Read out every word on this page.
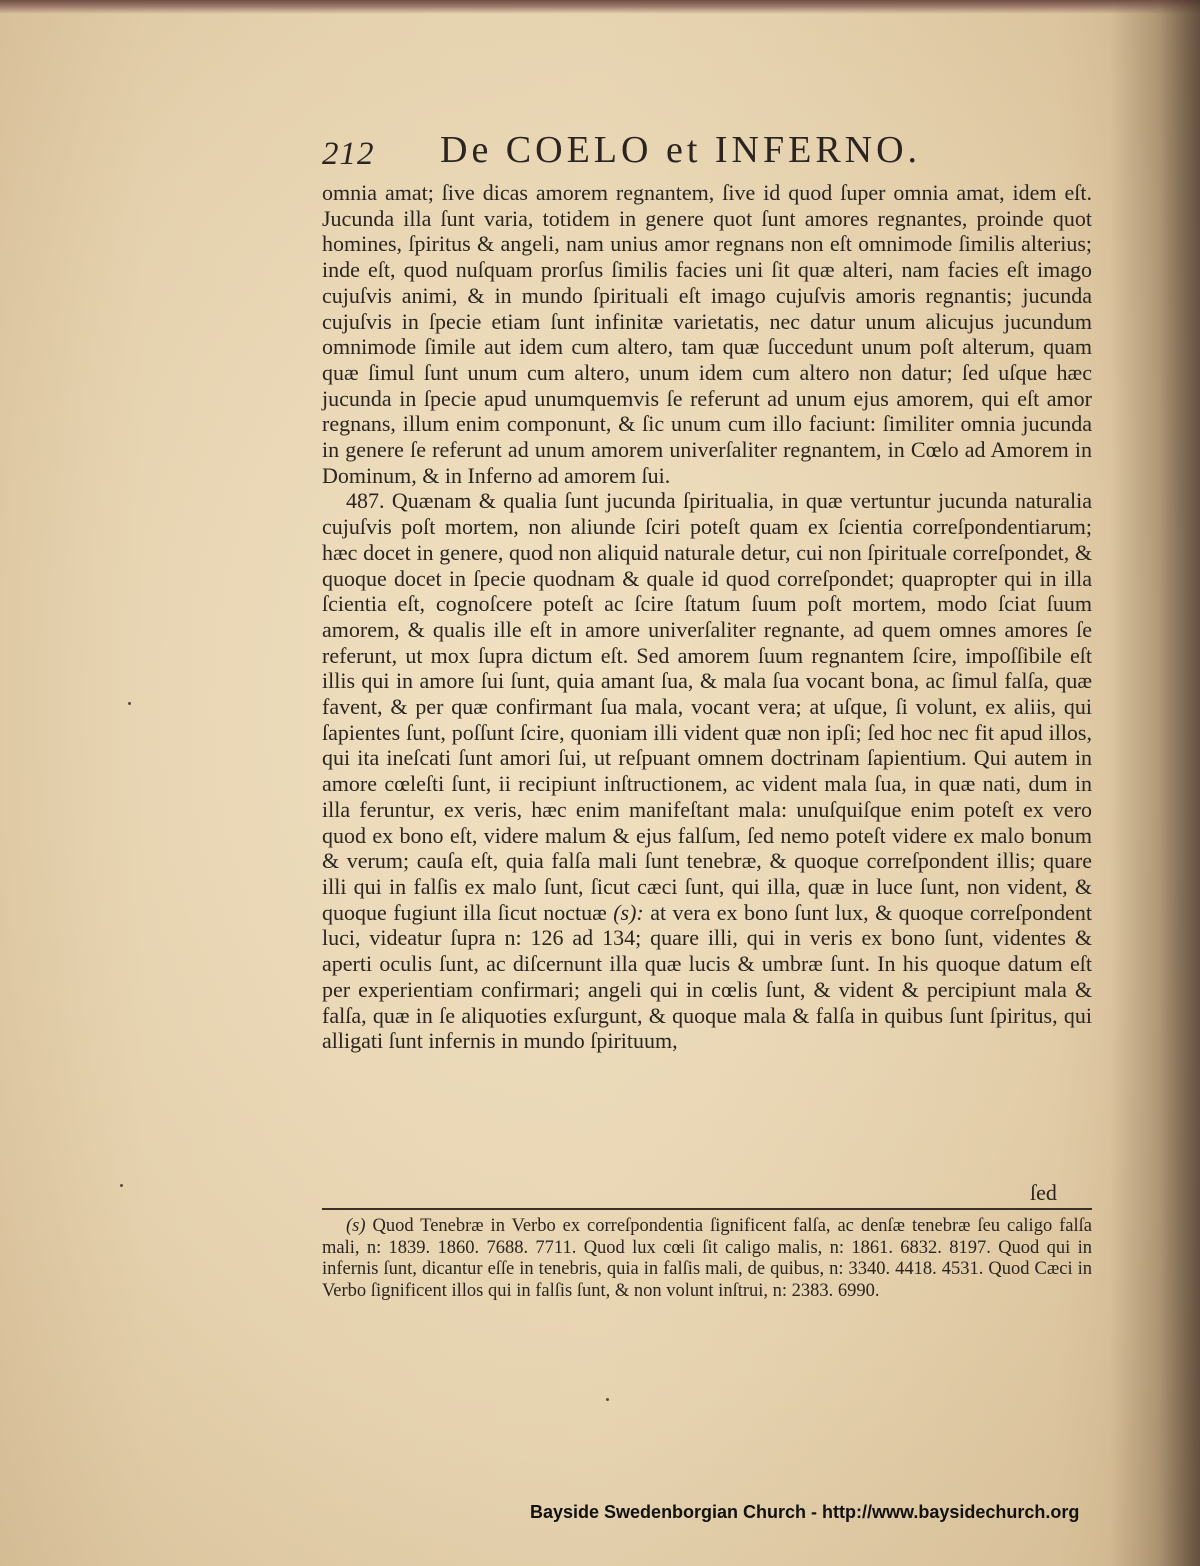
212 De COELO et INFERNO.

omnia amat; ſive dicas amorem regnantem, ſive id quod ſuper omnia amat, idem eſt. Jucunda illa ſunt varia, totidem in genere quot ſunt amores regnantes, proinde quot homines, ſpiritus & angeli, nam unius amor regnans non eſt omnimode ſimilis alterius; inde eſt, quod nuſquam prorſus ſimilis facies uni ſit quæ alteri, nam facies eſt imago cujuſvis animi, & in mundo ſpirituali eſt imago cujuſvis amoris regnantis; jucunda cujuſvis in ſpecie etiam ſunt infinitæ varietatis, nec datur unum alicujus jucundum omnimode ſimile aut idem cum altero, tam quæ ſuccedunt unum poſt alterum, quam quæ ſimul ſunt unum cum altero, unum idem cum altero non datur; ſed uſque hæc jucunda in ſpecie apud unumquemvis ſe referunt ad unum ejus amorem, qui eſt amor regnans, illum enim componunt, & ſic unum cum illo faciunt: ſimiliter omnia jucunda in genere ſe referunt ad unum amorem univerſaliter regnantem, in Cœlo ad Amorem in Dominum, & in Inferno ad amorem ſui.

487. Quænam & qualia ſunt jucunda ſpiritualia, in quæ vertuntur jucunda naturalia cujuſvis poſt mortem, non aliunde ſciri poteſt quam ex ſcientia correſpondentiarum; hæc docet in genere, quod non aliquid naturale detur, cui non ſpirituale correſpondet, & quoque docet in ſpecie quodnam & quale id quod correſpondet; quapropter qui in illa ſcientia eſt, cognoſcere poteſt ac ſcire ſtatum ſuum poſt mortem, modo ſciat ſuum amorem, & qualis ille eſt in amore univerſaliter regnante, ad quem omnes amores ſe referunt, ut mox ſupra dictum eſt. Sed amorem ſuum regnantem ſcire, impoſſibile eſt illis qui in amore ſui ſunt, quia amant ſua, & mala ſua vocant bona, ac ſimul falſa, quæ favent, & per quæ confirmant ſua mala, vocant vera; at uſque, ſi volunt, ex aliis, qui ſapientes ſunt, poſſunt ſcire, quoniam illi vident quæ non ipſi; ſed hoc nec fit apud illos, qui ita ineſcati ſunt amori ſui, ut reſpuant omnem doctrinam ſapientium. Qui autem in amore cœleſti ſunt, ii recipiunt inſtructionem, ac vident mala ſua, in quæ nati, dum in illa feruntur, ex veris, hæc enim manifeſtant mala: unuſquiſque enim poteſt ex vero quod ex bono eſt, videre malum & ejus falſum, ſed nemo poteſt videre ex malo bonum & verum; cauſa eſt, quia falſa mali ſunt tenebræ, & quoque correſpondent illis; quare illi qui in falſis ex malo ſunt, ſicut cæci ſunt, qui illa, quæ in luce ſunt, non vident, & quoque fugiunt illa ſicut noctuæ (s): at vera ex bono ſunt lux, & quoque correſpondent luci, videatur ſupra n: 126 ad 134; quare illi, qui in veris ex bono ſunt, videntes & aperti oculis ſunt, ac diſcernunt illa quæ lucis & umbræ ſunt. In his quoque datum eſt per experientiam confirmari; angeli qui in cœlis ſunt, & vident & percipiunt mala & falſa, quæ in ſe aliquoties exſurgunt, & quoque mala & falſa in quibus ſunt ſpiritus, qui alligati ſunt infernis in mundo ſpirituum,

ſed

(s) Quod Tenebræ in Verbo ex correſpondentia ſignificent falſa, ac denſæ tenebræ ſeu caligo falſa mali, n: 1839. 1860. 7688. 7711. Quod lux cœli ſit caligo malis, n: 1861. 6832. 8197. Quod qui in infernis ſunt, dicantur eſſe in tenebris, quia in falſis mali, de quibus, n: 3340. 4418. 4531. Quod Cæci in Verbo ſignificent illos qui in falſis ſunt, & non volunt inſtrui, n: 2383. 6990.

Bayside Swedenborgian Church - http://www.baysidechurch.org
